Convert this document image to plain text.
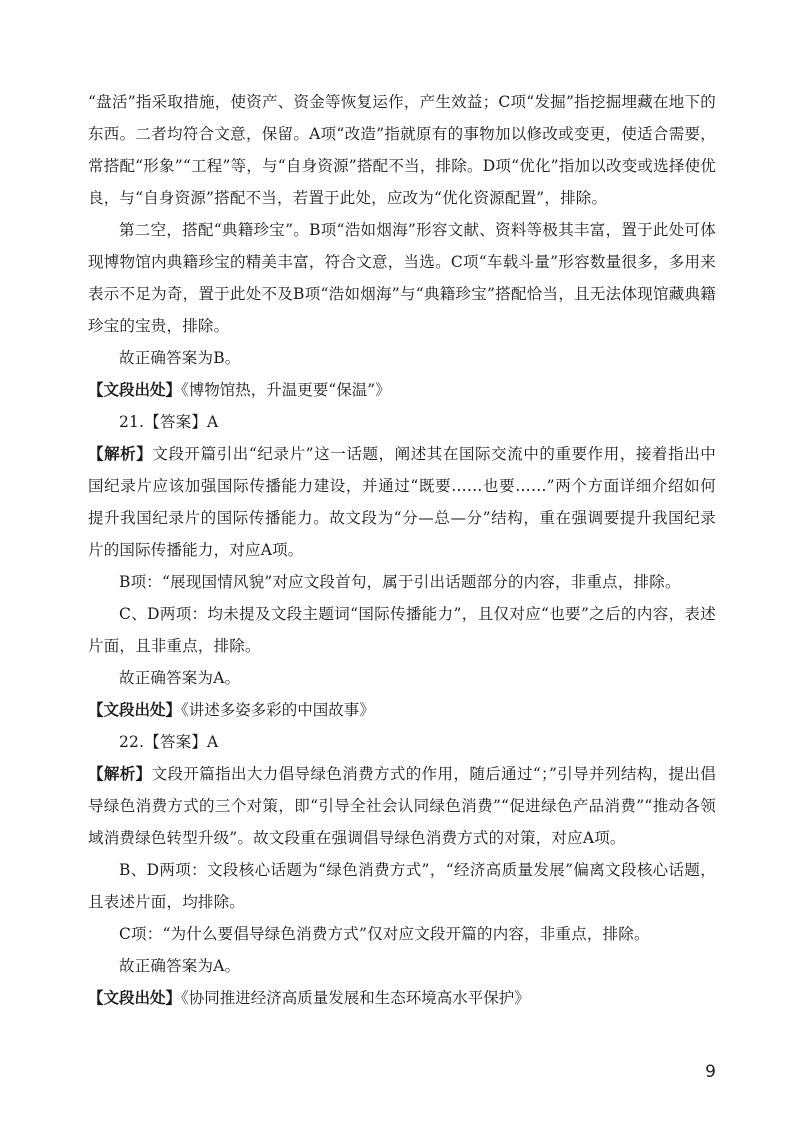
“盘活”指采取措施，使资产、资金等恢复运作，产生效益；C项“发掘”指挖掘埋藏在地下的东西。二者均符合文意，保留。A项“改造”指就原有的事物加以修改或变更，使适合需要，常搭配“形象”“工程”等，与“自身资源”搭配不当，排除。D项“优化”指加以改变或选择使优良，与“自身资源”搭配不当，若置于此处，应改为“优化资源配置”，排除。

第二空，搭配“典籍珍宝”。B项“浩如烟海”形容文献、资料等极其丰富，置于此处可体现博物馆内典籍珍宝的精美丰富，符合文意，当选。C项“车载斗量”形容数量很多，多用来表示不足为奇，置于此处不及B项“浩如烟海”与“典籍珍宝”搭配恰当，且无法体现馆藏典籍珍宝的宝贵，排除。

故正确答案为B。

【文段出处】《博物馆热，升温更要“保温”》

21.【答案】A

【解析】文段开篇引出“纪录片”这一话题，阐述其在国际交流中的重要作用，接着指出中国纪录片应该加强国际传播能力建设，并通过“既要……也要……”两个方面详细介绍如何提升我国纪录片的国际传播能力。故文段为“分—总—分”结构，重在强调要提升我国纪录片的国际传播能力，对应A项。

B项：“展现国情风貌”对应文段首句，属于引出话题部分的内容，非重点，排除。

C、D两项：均未提及文段主题词“国际传播能力”，且仅对应“也要”之后的内容，表述片面，且非重点，排除。

故正确答案为A。

【文段出处】《讲述多姿多彩的中国故事》

22.【答案】A

【解析】文段开篇指出大力倡导绿色消费方式的作用，随后通过“；”引导并列结构，提出倡导绿色消费方式的三个对策，即“引导全社会认同绿色消费”“促进绿色产品消费”“推动各领域消费绿色转型升级”。故文段重在强调倡导绿色消费方式的对策，对应A项。

B、D两项：文段核心话题为“绿色消费方式”，“经济高质量发展”偏离文段核心话题，且表述片面，均排除。

C项：“为什么要倡导绿色消费方式”仅对应文段开篇的内容，非重点，排除。

故正确答案为A。

【文段出处】《协同推进经济高质量发展和生态环境高水平保护》

9
